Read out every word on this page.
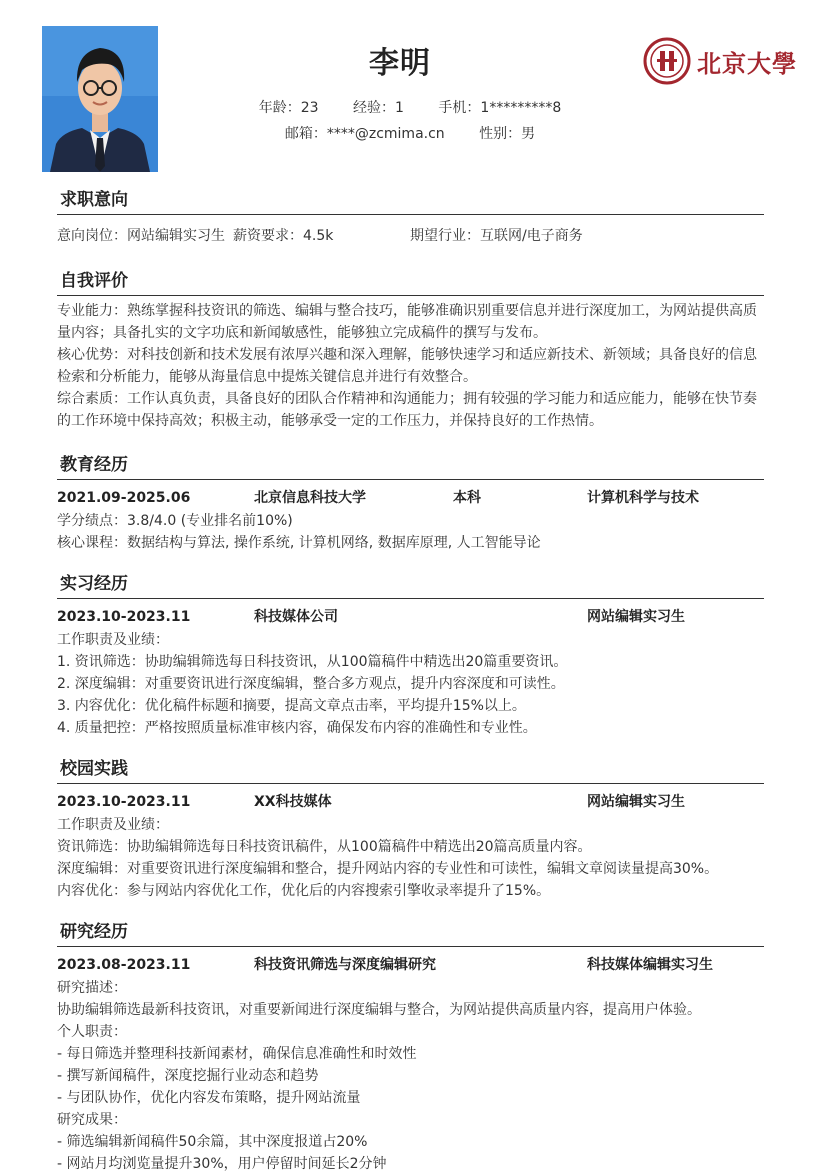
李明
年龄：23 经验：1 手机：1*********8
邮箱：****@zcmima.cn 性别：男
北京大學
求职意向
意向岗位：网站编辑实习生 薪资要求：4.5k	期望行业：互联网/电子商务
自我评价

专业能力：熟练掌握科技资讯的筛选、编辑与整合技巧，能够准确识别重要信息并进行深度加工，为网站提供高质量内容；具备扎实的文字功底和新闻敏感性，能够独立完成稿件的撰写与发布。

核心优势：对科技创新和技术发展有浓厚兴趣和深入理解，能够快速学习和适应新技术、新领域；具备良好的信息检索和分析能力，能够从海量信息中提炼关键信息并进行有效整合。

综合素质：工作认真负责，具备良好的团队合作精神和沟通能力；拥有较强的学习能力和适应能力，能够在快节奏的工作环境中保持高效；积极主动，能够承受一定的工作压力，并保持良好的工作热情。

教育经历
2021.09-2025.06	北京信息科技大学	本科	计算机科学与技术
学分绩点：3.8/4.0 (专业排名前10%)
核心课程：数据结构与算法, 操作系统, 计算机网络, 数据库原理, 人工智能导论
实习经历
2023.10-2023.11	科技媒体公司	网站编辑实习生
工作职责及业绩：
1. 资讯筛选：协助编辑筛选每日科技资讯，从100篇稿件中精选出20篇重要资讯。
2. 深度编辑：对重要资讯进行深度编辑，整合多方观点，提升内容深度和可读性。
3. 内容优化：优化稿件标题和摘要，提高文章点击率，平均提升15%以上。
4. 质量把控：严格按照质量标准审核内容，确保发布内容的准确性和专业性。
校园实践
2023.10-2023.11	XX科技媒体	网站编辑实习生
工作职责及业绩：
资讯筛选：协助编辑筛选每日科技资讯稿件，从100篇稿件中精选出20篇高质量内容。
深度编辑：对重要资讯进行深度编辑和整合，提升网站内容的专业性和可读性，编辑文章阅读量提高30%。
内容优化：参与网站内容优化工作，优化后的内容搜索引擎收录率提升了15%。
研究经历
2023.08-2023.11	科技资讯筛选与深度编辑研究	科技媒体编辑实习生
研究描述：
协助编辑筛选最新科技资讯，对重要新闻进行深度编辑与整合，为网站提供高质量内容，提高用户体验。
个人职责：
- 每日筛选并整理科技新闻素材，确保信息准确性和时效性
- 撰写新闻稿件，深度挖掘行业动态和趋势
- 与团队协作，优化内容发布策略，提升网站流量
研究成果：
- 筛选编辑新闻稿件50余篇，其中深度报道占20%
- 网站月均浏览量提升30%，用户停留时间延长2分钟
